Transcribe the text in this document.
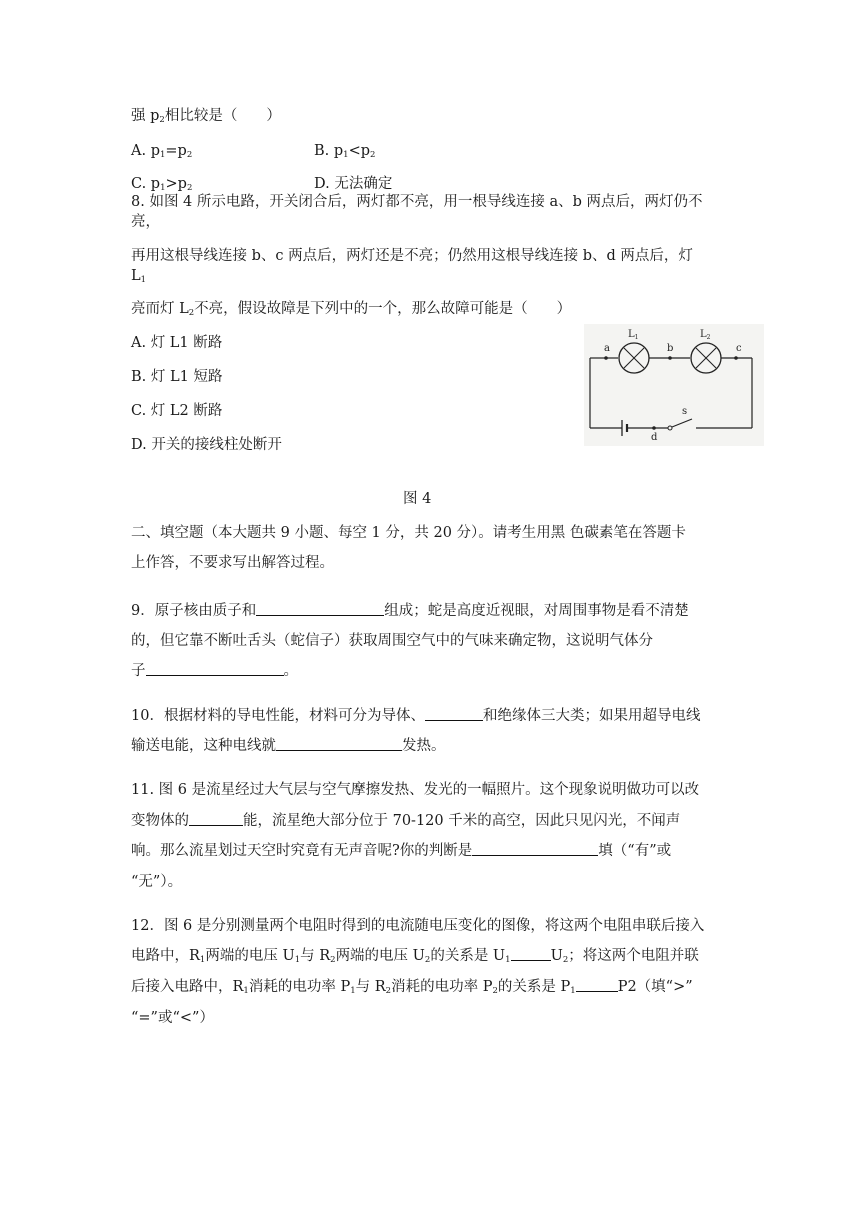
强 $p_2$相比较是（　　）
A. $p_1=p_2$	B. $p_1<p_2$
C. $p_1>p_2$	D. 无法确定
8. 如图 4 所示电路，开关闭合后，两灯都不亮，用一根导线连接 a、b 两点后，两灯仍不
亮，
再用这根导线连接 b、c 两点后，两灯还是不亮；仍然用这根导线连接 b、d 两点后，灯
$L_1$
亮而灯 $L_2$不亮，假设故障是下列中的一个，那么故障可能是（　　）
A. 灯 L1 断路
B. 灯 L1 短路
C. 灯 L2 断路
D. 开关的接线柱处断开
a	b	c
d
s
$L_1$	$L_2$
图 4
二、填空题（本大题共 9 小题、每空 1 分，共 20 分）。请考生用黑 色碳素笔在答题卡
上作答，不要求写出解答过程。
9．原子核由质子和	组成；蛇是高度近视眼，对周围事物是看不清楚
的，但它靠不断吐舌头（蛇信子）获取周围空气中的气味来确定物，这说明气体分
子	。
10．根据材料的导电性能，材料可分为导体、	和绝缘体三大类；如果用超导电线
输送电能，这种电线就	发热。
11. 图 6 是流星经过大气层与空气摩擦发热、发光的一幅照片。这个现象说明做功可以改
变物体的	能，流星绝大部分位于 70-120 千米的高空，因此只见闪光，不闻声
响。那么流星划过天空时究竟有无声音呢?你的判断是	填（“有”或
“无”）。
12．图 6 是分别测量两个电阻时得到的电流随电压变化的图像，将这两个电阻串联后接入
电路中，$R_1$两端的电压 $U_1$与 $R_2$两端的电压 $U_2$的关系是 $U_1$	$U_2$；将这两个电阻并联
后接入电路中，$R_1$消耗的电功率 $P_1$与 $R_2$消耗的电功率 $P_2$的关系是 $P_1$	P2（填“>”
“=”或“<”）
